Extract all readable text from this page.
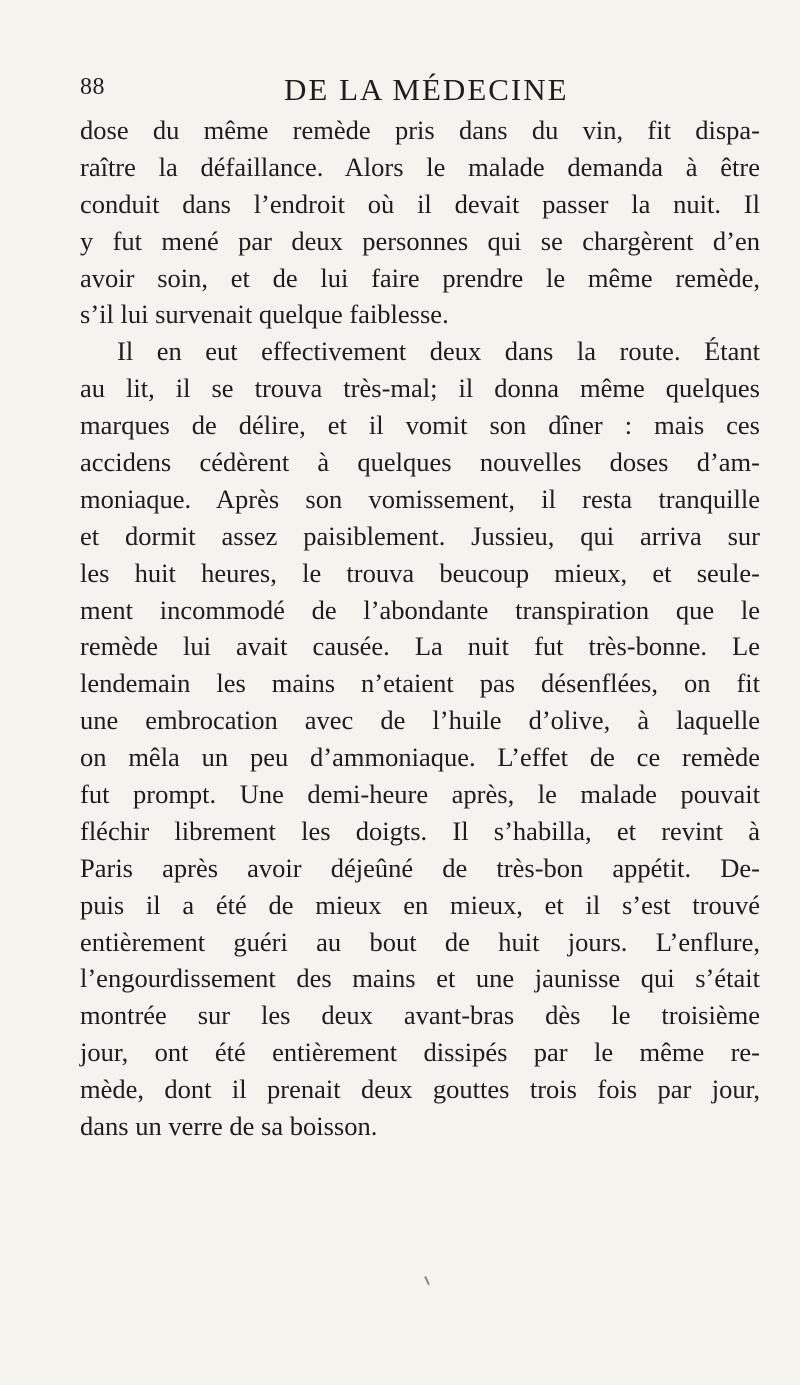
88	DE LA MÉDECINE
dose du même remède pris dans du vin, fit dispa-
raître la défaillance. Alors le malade demanda à être
conduit dans l’endroit où il devait passer la nuit. Il
y fut mené par deux personnes qui se chargèrent d’en
avoir soin, et de lui faire prendre le même remède,
s’il lui survenait quelque faiblesse.
Il en eut effectivement deux dans la route. Étant
au lit, il se trouva très-mal; il donna même quelques
marques de délire, et il vomit son dîner : mais ces
accidens cédèrent à quelques nouvelles doses d’am-
moniaque. Après son vomissement, il resta tranquille
et dormit assez paisiblement. Jussieu, qui arriva sur
les huit heures, le trouva beucoup mieux, et seule-
ment incommodé de l’abondante transpiration que le
remède lui avait causée. La nuit fut très-bonne. Le
lendemain les mains n’etaient pas désenflées, on fit
une embrocation avec de l’huile d’olive, à laquelle
on mêla un peu d’ammoniaque. L’effet de ce remède
fut prompt. Une demi-heure après, le malade pouvait
fléchir librement les doigts. Il s’habilla, et revint à
Paris après avoir déjeûné de très-bon appétit. De-
puis il a été de mieux en mieux, et il s’est trouvé
entièrement guéri au bout de huit jours. L’enflure,
l’engourdissement des mains et une jaunisse qui s’était
montrée sur les deux avant-bras dès le troisième
jour, ont été entièrement dissipés par le même re-
mède, dont il prenait deux gouttes trois fois par jour,
dans un verre de sa boisson.
